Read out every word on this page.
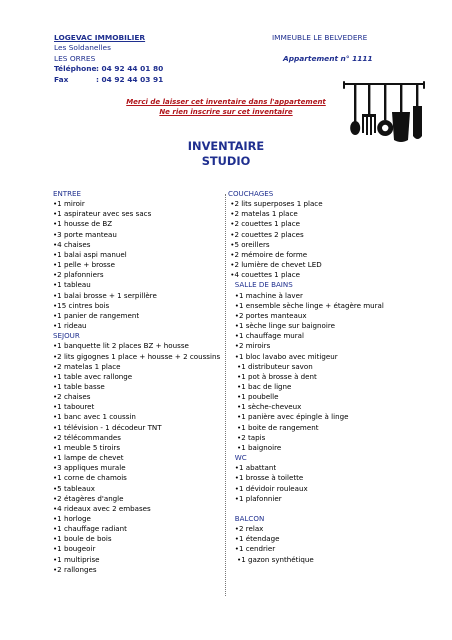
LOGEVAC IMMOBILIER
Les Soldanelles
LES ORRES
Téléphone: 04 92 44 01 80
Fax	: 04 92 44 03 91
IMMEUBLE LE BELVEDERE
Appartement n° 1111
Merci de laisser cet inventaire dans l'appartement
Ne rien inscrire sur cet inventaire
INVENTAIRE
STUDIO
ENTREE
•1 miroir
•1 aspirateur avec ses sacs
•1 housse de BZ
•3 porte manteau
•4 chaises
•1 balai aspi manuel
•1 pelle + brosse
•2 plafonniers
•1 tableau
•1 balai brosse + 1 serpillère
•15 cintres bois
•1 panier de rangement
•1 rideau
SEJOUR
•1 banquette lit 2 places BZ + housse
•2 lits gigognes 1 place + housse + 2 coussins
•2 matelas 1 place
•1 table avec rallonge
•1 table basse
•2 chaises
•1 tabouret
•1 banc avec 1 coussin
•1 télévision - 1 décodeur TNT
•2 télécommandes
•1 meuble 5 tiroirs
•1 lampe de chevet
•3 appliques murale
•1 corne de chamois
•5 tableaux
•2 étagères d'angle
•4 rideaux avec 2 embases
•1 horloge
•1 chauffage radiant
•1 boule de bois
•1 bougeoir
•1 multiprise
•2 rallonges
COUCHAGES
•2 lits superposes 1 place
•2 matelas 1 place
•2 couettes 1 place
•2 couettes 2 places
•5 oreillers
•2 mémoire de forme
•2 lumière de chevet LED
•4 couettes 1 place
SALLE DE BAINS
•1 machine à laver
•1 ensemble sèche linge + étagère mural
•2 portes manteaux
•1 sèche linge sur baignoire
•1 chauffage mural
•2 miroirs
•1 bloc lavabo avec mitigeur
•1 distributeur savon
•1 pot à brosse à dent
•1 bac de ligne
•1 poubelle
•1 sèche-cheveux
•1 panière avec épingle à linge
•1 boite de rangement
•2 tapis
•1 baignoire
WC
•1 abattant
•1 brosse à toilette
•1 dévidoir rouleaux
•1 plafonnier
BALCON
•2 relax
•1 étendage
•1 cendrier
•1 gazon synthétique
